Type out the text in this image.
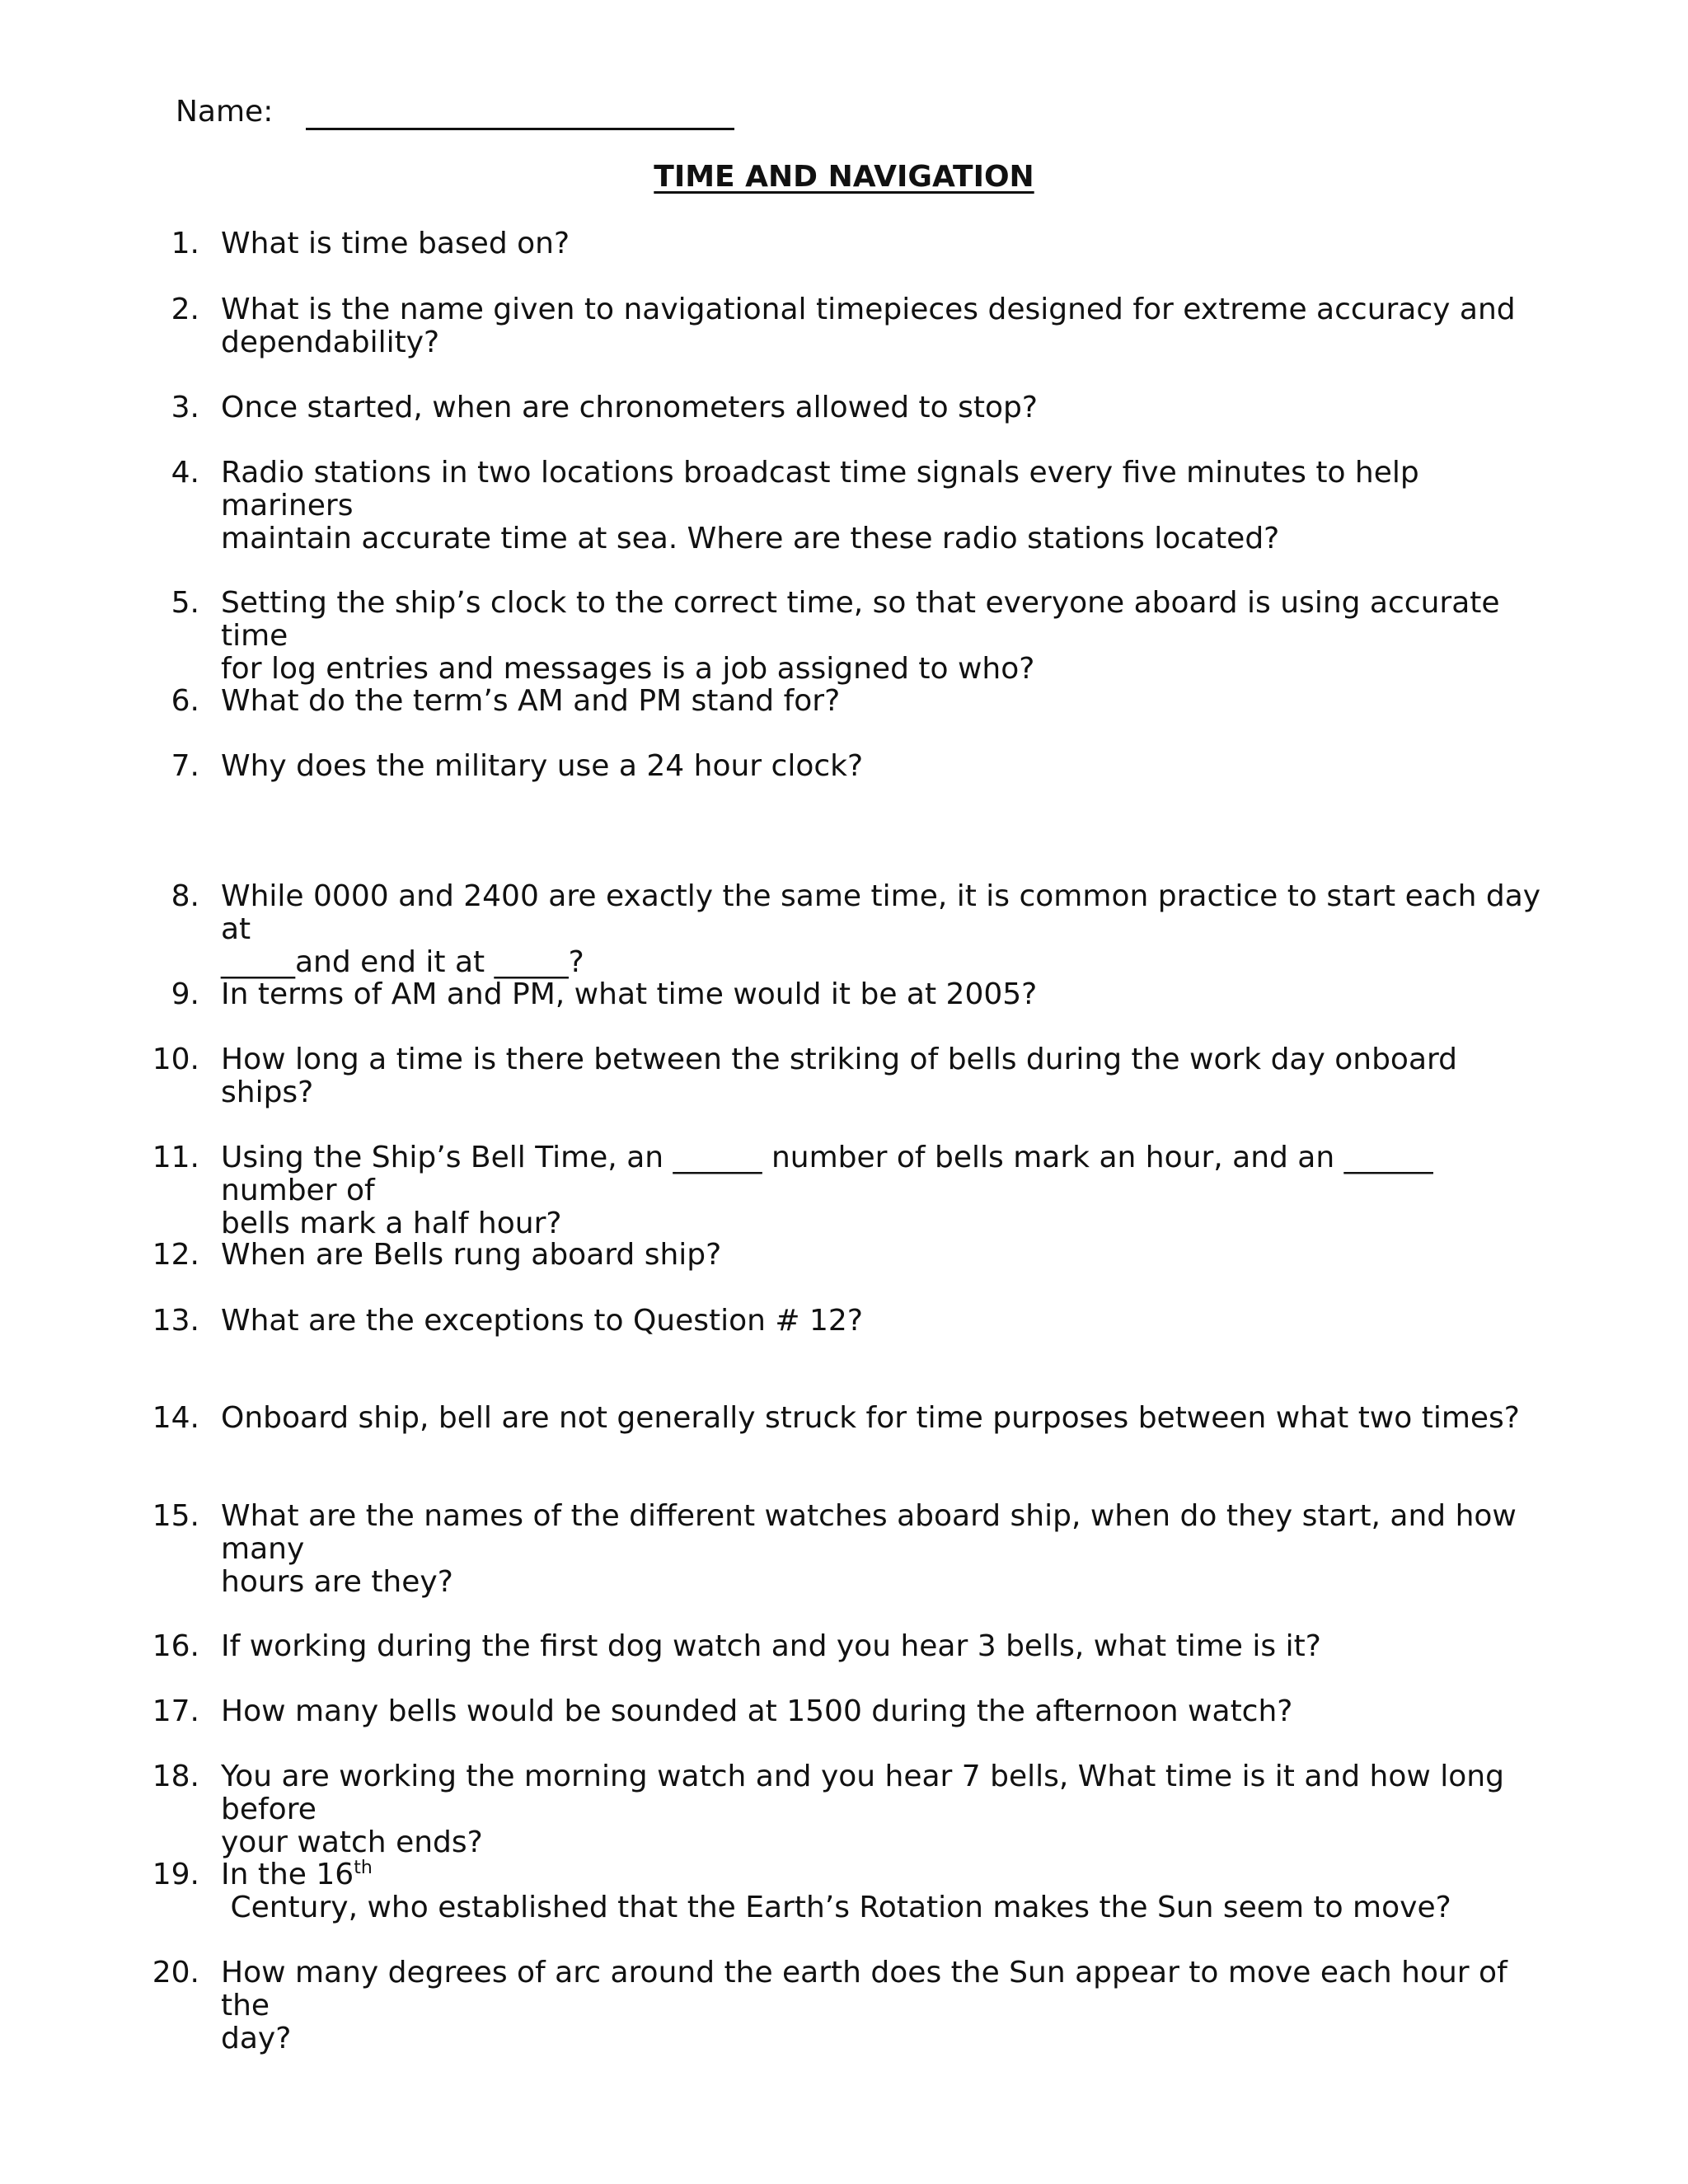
Name:
TIME AND NAVIGATION
1. What is time based on?
2. What is the name given to navigational timepieces designed for extreme accuracy and
dependability?
3. Once started, when are chronometers allowed to stop?
4. Radio stations in two locations broadcast time signals every five minutes to help mariners
maintain accurate time at sea. Where are these radio stations located?
5. Setting the ship’s clock to the correct time, so that everyone aboard is using accurate time
for log entries and messages is a job assigned to who?
6. What do the term’s AM and PM stand for?
7. Why does the military use a 24 hour clock?
8. While 0000 and 2400 are exactly the same time, it is common practice to start each day at
_____and end it at _____?
9. In terms of AM and PM, what time would it be at 2005?
10. How long a time is there between the striking of bells during the work day onboard ships?
11. Using the Ship’s Bell Time, an ______ number of bells mark an hour, and an ______ number of
bells mark a half hour?
12. When are Bells rung aboard ship?
13. What are the exceptions to Question # 12?
14. Onboard ship, bell are not generally struck for time purposes between what two times?
15. What are the names of the different watches aboard ship, when do they start, and how many
hours are they?
16. If working during the first dog watch and you hear 3 bells, what time is it?
17. How many bells would be sounded at 1500 during the afternoon watch?
18. You are working the morning watch and you hear 7 bells, What time is it and how long before
your watch ends?
19. In the 16th Century, who established that the Earth’s Rotation makes the Sun seem to move?
20. How many degrees of arc around the earth does the Sun appear to move each hour of the
day?
